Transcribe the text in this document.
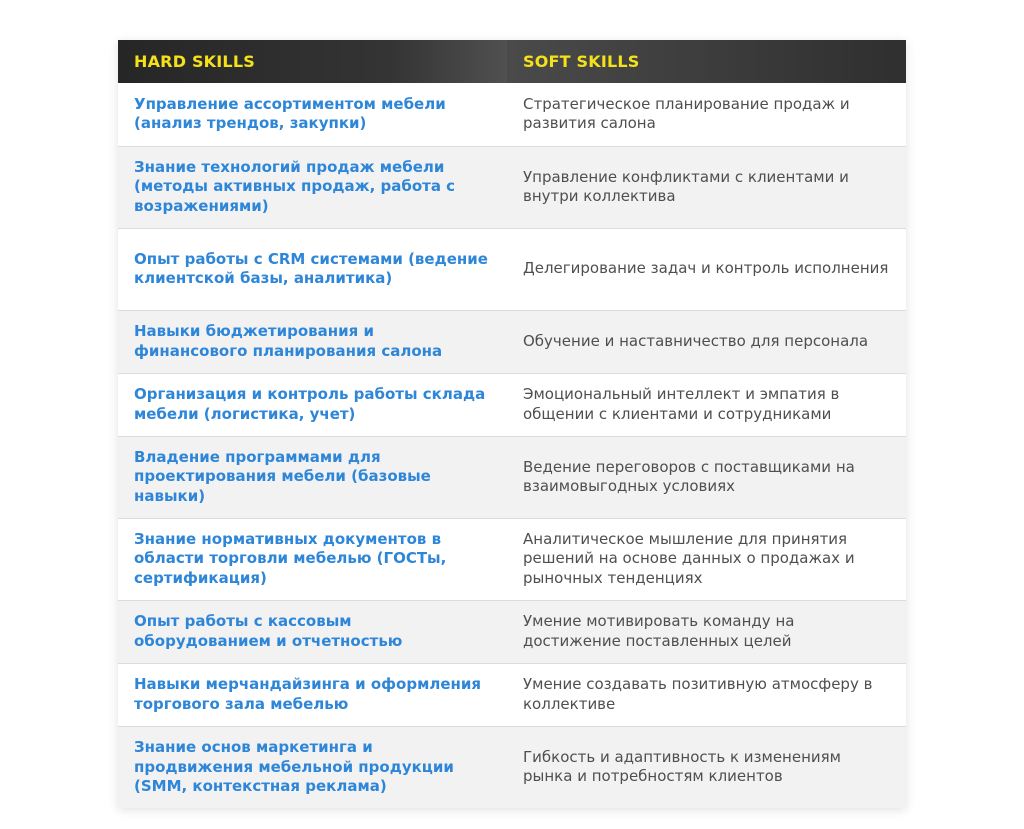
HARD SKILLS	SOFT SKILLS
Управление ассортиментом мебели (анализ трендов, закупки)	Стратегическое планирование продаж и развития салона
Знание технологий продаж мебели (методы активных продаж, работа с возражениями)	Управление конфликтами с клиентами и внутри коллектива
Опыт работы с CRM системами (ведение клиентской базы, аналитика)	Делегирование задач и контроль исполнения
Навыки бюджетирования и финансового планирования салона	Обучение и наставничество для персонала
Организация и контроль работы склада мебели (логистика, учет)	Эмоциональный интеллект и эмпатия в общении с клиентами и сотрудниками
Владение программами для проектирования мебели (базовые навыки)	Ведение переговоров с поставщиками на взаимовыгодных условиях
Знание нормативных документов в области торговли мебелью (ГОСТы, сертификация)	Аналитическое мышление для принятия решений на основе данных о продажах и рыночных тенденциях
Опыт работы с кассовым оборудованием и отчетностью	Умение мотивировать команду на достижение поставленных целей
Навыки мерчандайзинга и оформления торгового зала мебелью	Умение создавать позитивную атмосферу в коллективе
Знание основ маркетинга и продвижения мебельной продукции (SMM, контекстная реклама)	Гибкость и адаптивность к изменениям рынка и потребностям клиентов
